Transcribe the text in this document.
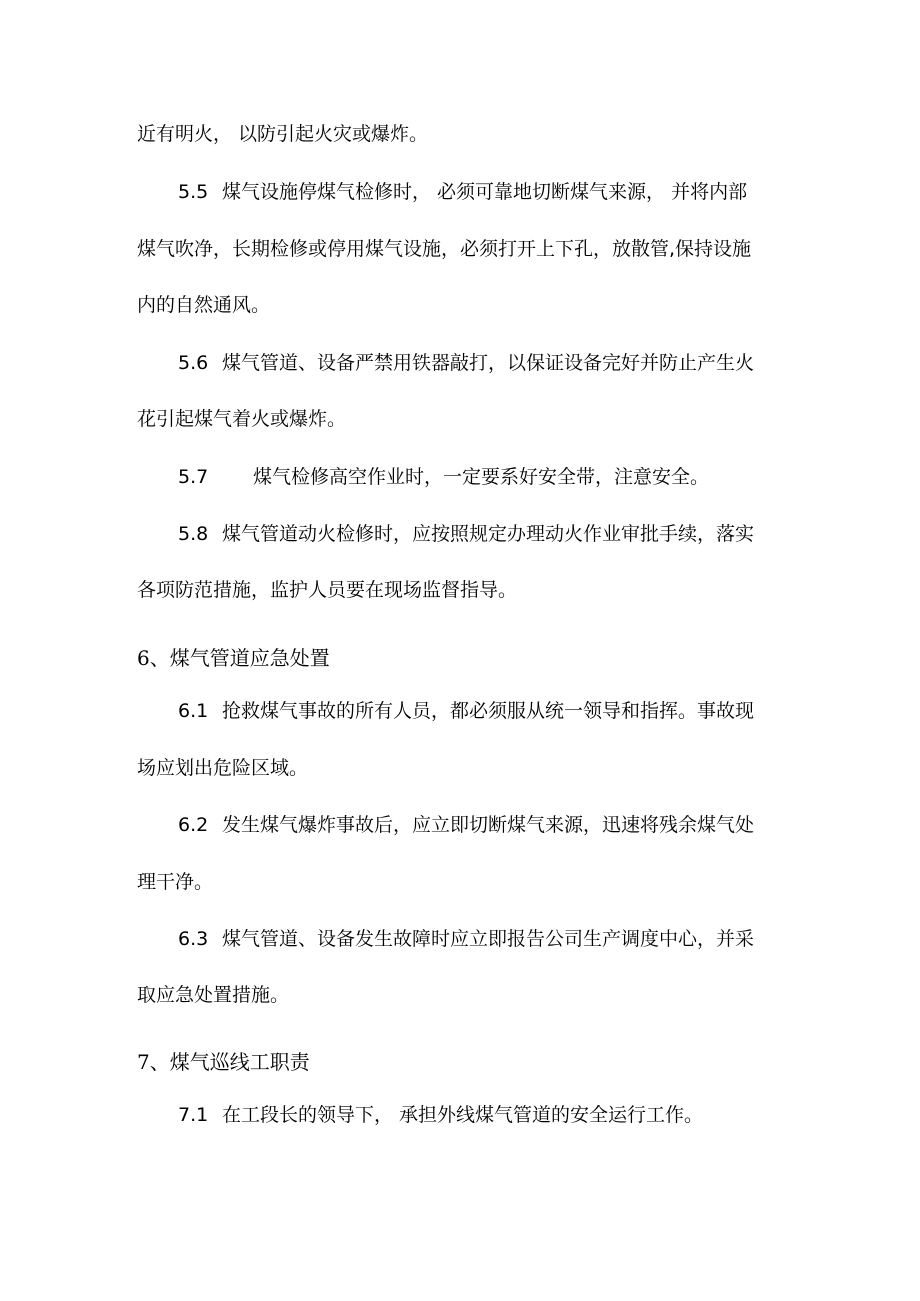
近有明火， 以防引起火灾或爆炸。
5.5 煤气设施停煤气检修时， 必须可靠地切断煤气来源， 并将内部
煤气吹净，长期检修或停用煤气设施，必须打开上下孔，放散管,保持设施
内的自然通风。
5.6 煤气管道、设备严禁用铁器敲打，以保证设备完好并防止产生火
花引起煤气着火或爆炸。
5.7 煤气检修高空作业时，一定要系好安全带，注意安全。
5.8 煤气管道动火检修时，应按照规定办理动火作业审批手续，落实
各项防范措施，监护人员要在现场监督指导。
6、煤气管道应急处置
6.1 抢救煤气事故的所有人员，都必须服从统一领导和指挥。事故现
场应划出危险区域。
6.2 发生煤气爆炸事故后，应立即切断煤气来源，迅速将残余煤气处
理干净。
6.3 煤气管道、设备发生故障时应立即报告公司生产调度中心，并采
取应急处置措施。
7、煤气巡线工职责
7.1 在工段长的领导下， 承担外线煤气管道的安全运行工作。
